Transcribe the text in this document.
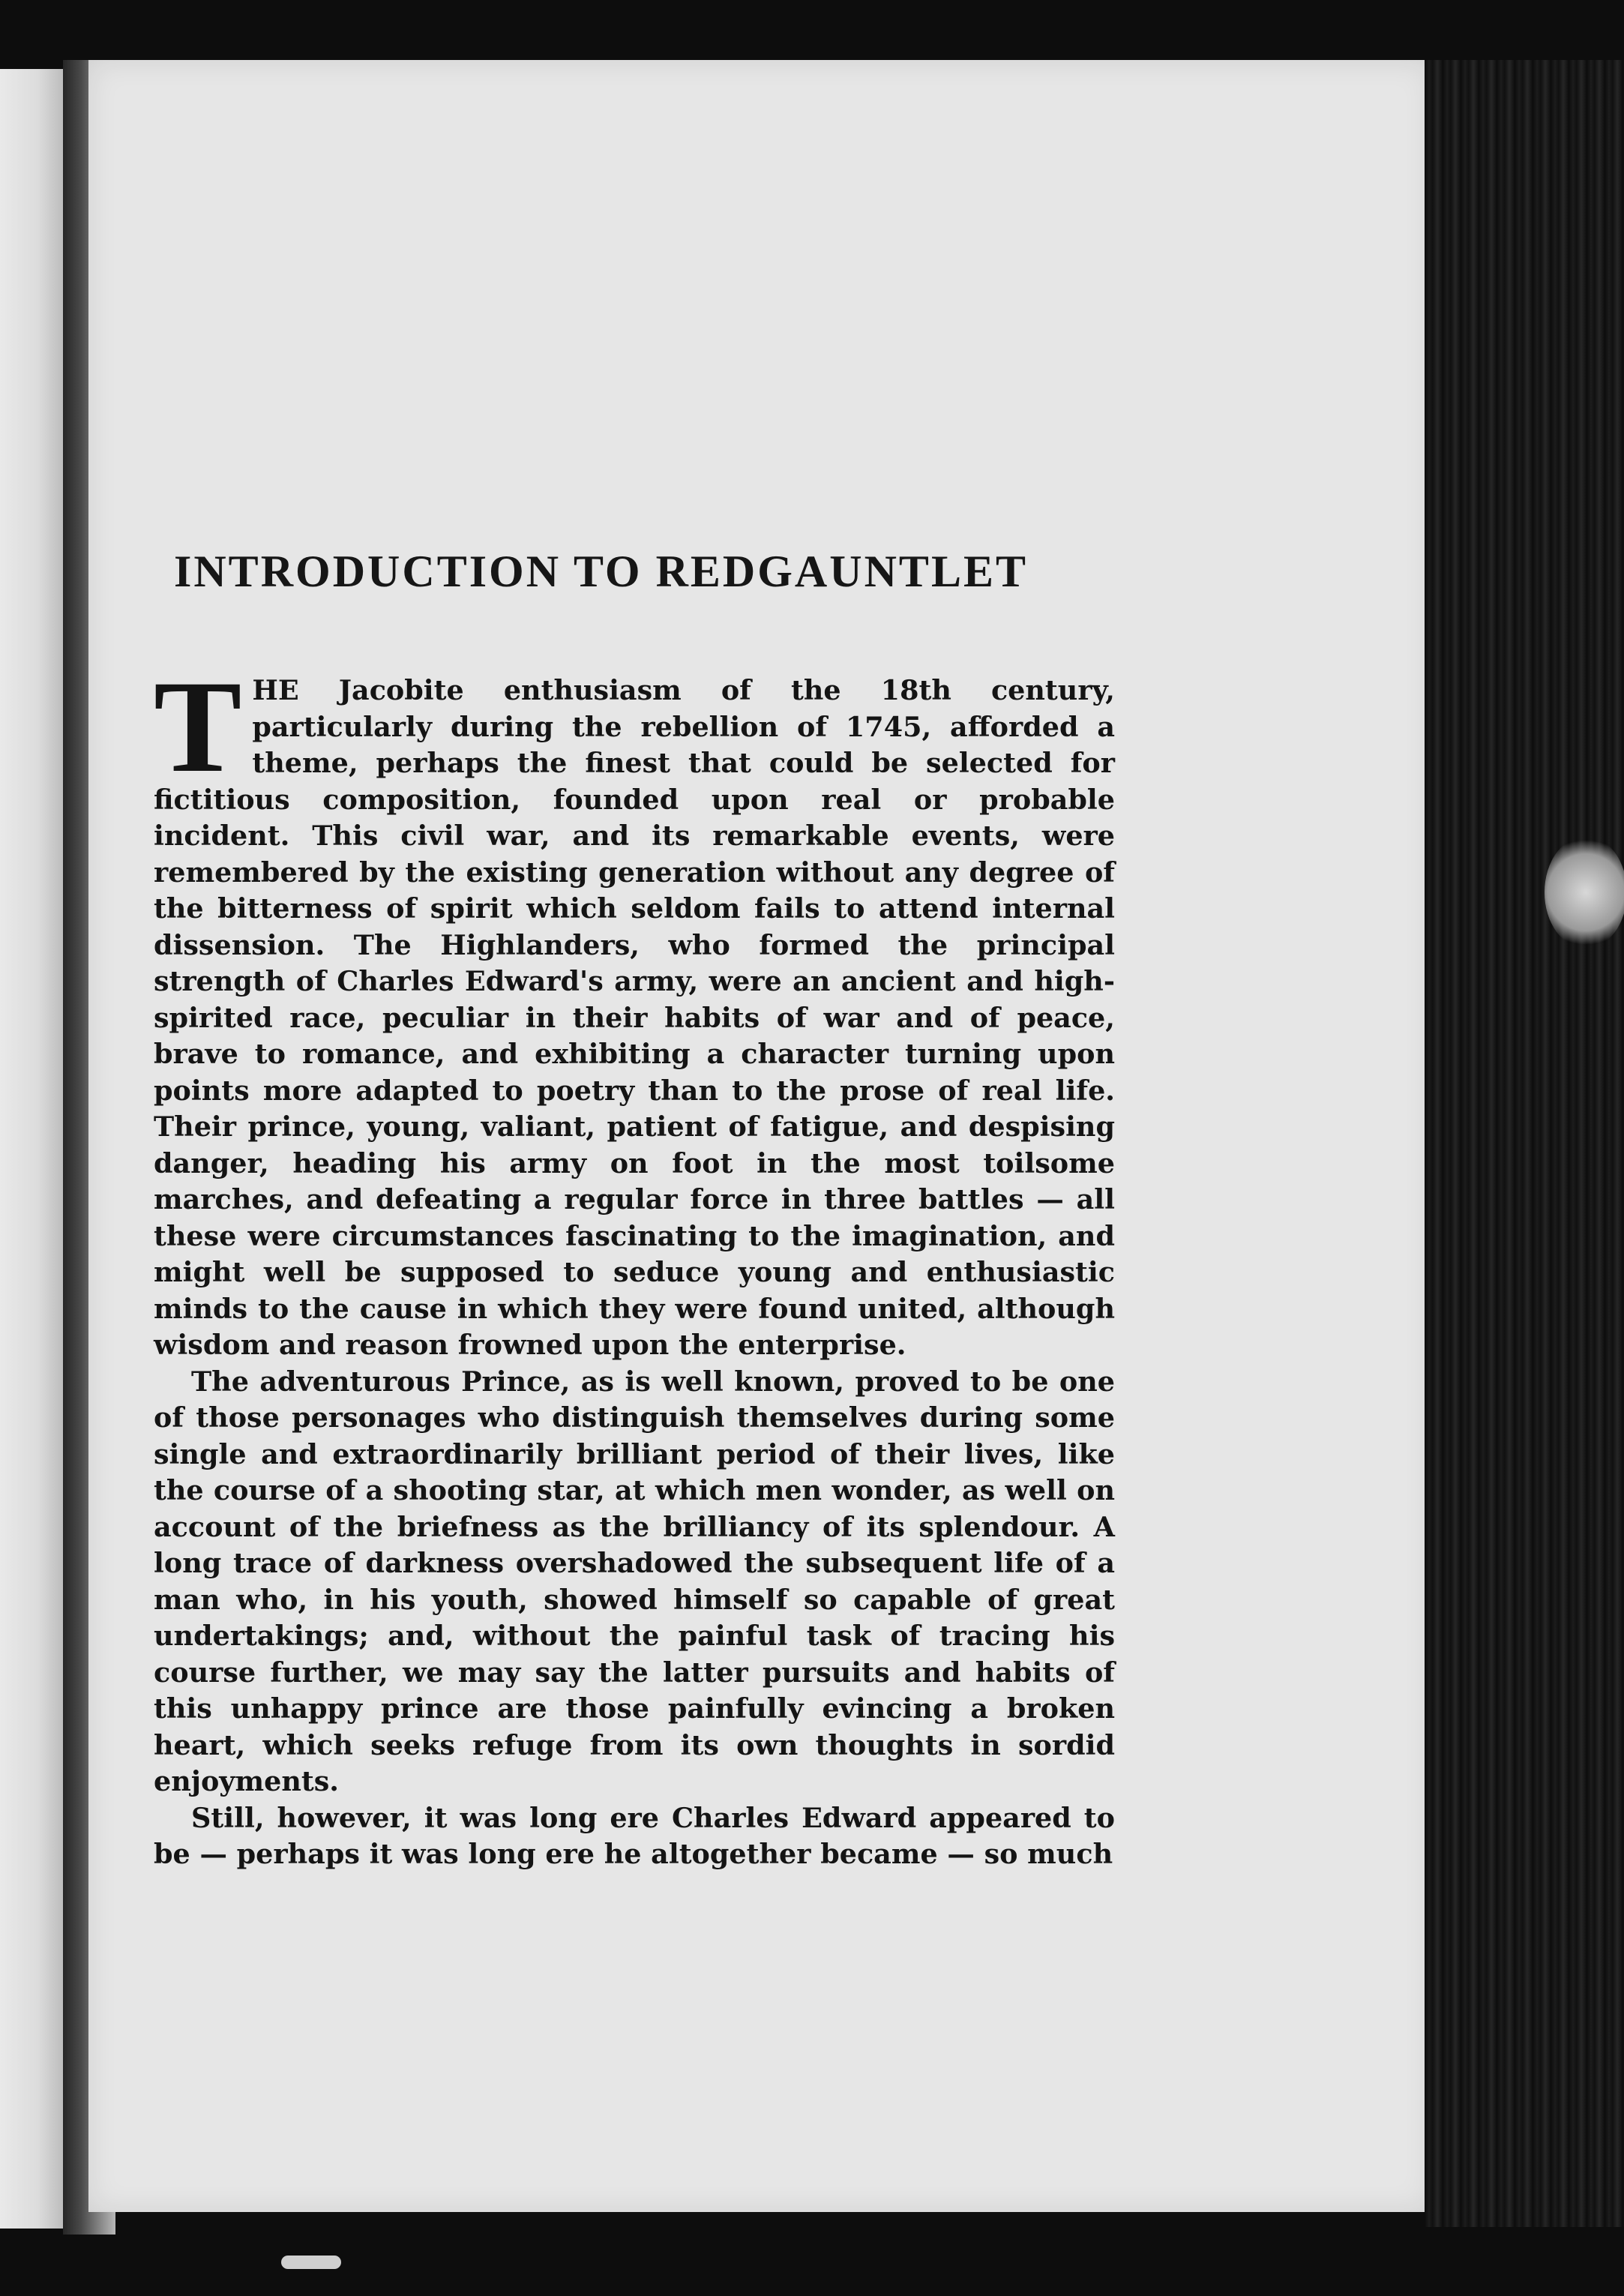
INTRODUCTION TO REDGAUNTLET

T HE Jacobite enthusiasm of the 18th century, particularly during the rebellion of 1745, afforded a theme, perhaps the finest that could be selected for fictitious composition, founded upon real or probable incident. This civil war, and its remarkable events, were remembered by the existing generation without any degree of the bitterness of spirit which seldom fails to attend internal dissension. The Highlanders, who formed the principal strength of Charles Edward's army, were an ancient and high-spirited race, peculiar in their habits of war and of peace, brave to romance, and exhibiting a character turning upon points more adapted to poetry than to the prose of real life. Their prince, young, valiant, patient of fatigue, and despising danger, heading his army on foot in the most toilsome marches, and defeating a regular force in three battles — all these were circumstances fascinating to the imagination, and might well be supposed to seduce young and enthusiastic minds to the cause in which they were found united, although wisdom and reason frowned upon the enterprise.

The adventurous Prince, as is well known, proved to be one of those personages who distinguish themselves during some single and extraordinarily brilliant period of their lives, like the course of a shooting star, at which men wonder, as well on account of the briefness as the brilliancy of its splendour. A long trace of darkness overshadowed the subsequent life of a man who, in his youth, showed himself so capable of great undertakings; and, without the painful task of tracing his course further, we may say the latter pursuits and habits of this unhappy prince are those painfully evincing a broken heart, which seeks refuge from its own thoughts in sordid enjoyments.

Still, however, it was long ere Charles Edward appeared to be — perhaps it was long ere he altogether became — so much
